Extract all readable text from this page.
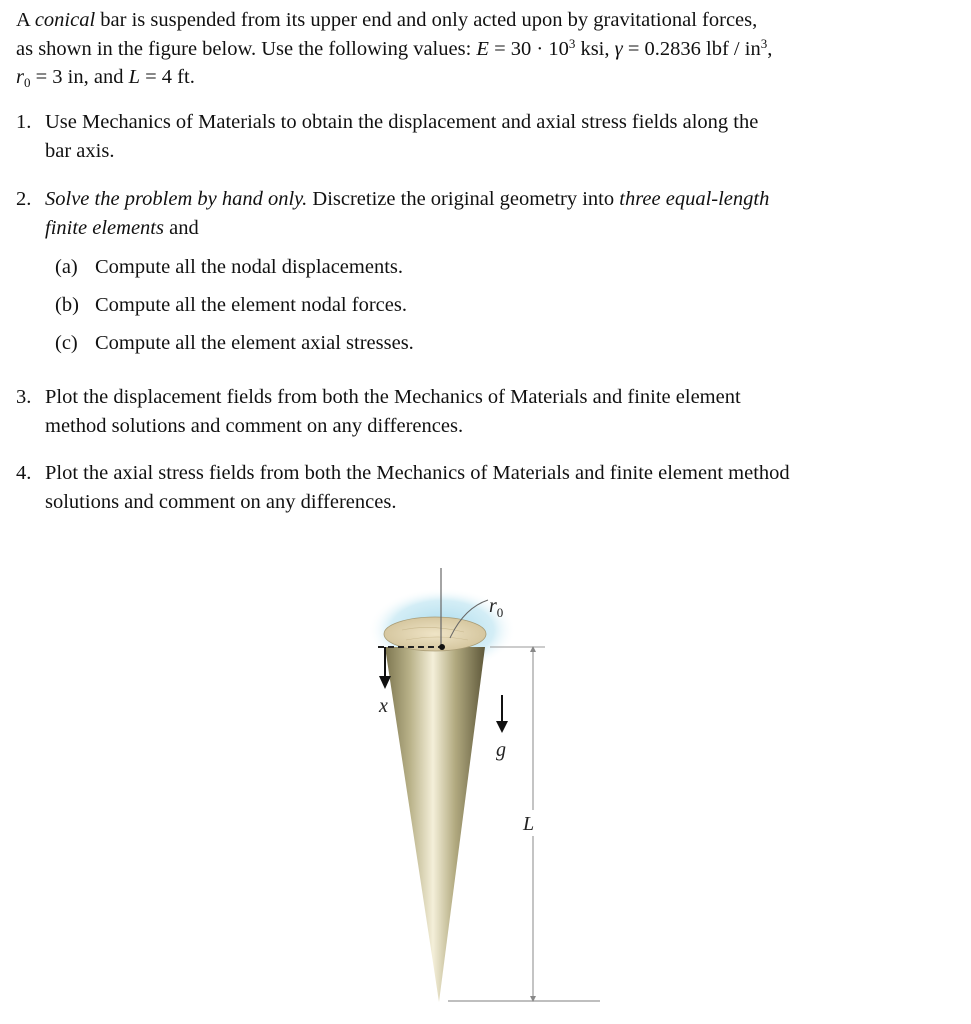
A conical bar is suspended from its upper end and only acted upon by gravitational forces,
as shown in the figure below. Use the following values: $E = 30 \cdot 10^3$ ksi, γ = 0.2836 lbf / $in^3$,
$r_0 = 3$ in, and L = 4 ft.
1. Use Mechanics of Materials to obtain the displacement and axial stress fields along the
bar axis.
2. Solve the problem by hand only. Discretize the original geometry into three equal-length
finite elements and
(a) Compute all the nodal displacements.
(b) Compute all the element nodal forces.
(c) Compute all the element axial stresses.
3. Plot the displacement fields from both the Mechanics of Materials and finite element
method solutions and comment on any differences.
4. Plot the axial stress fields from both the Mechanics of Materials and finite element method
solutions and comment on any differences.
$r_0$
x
g
L
